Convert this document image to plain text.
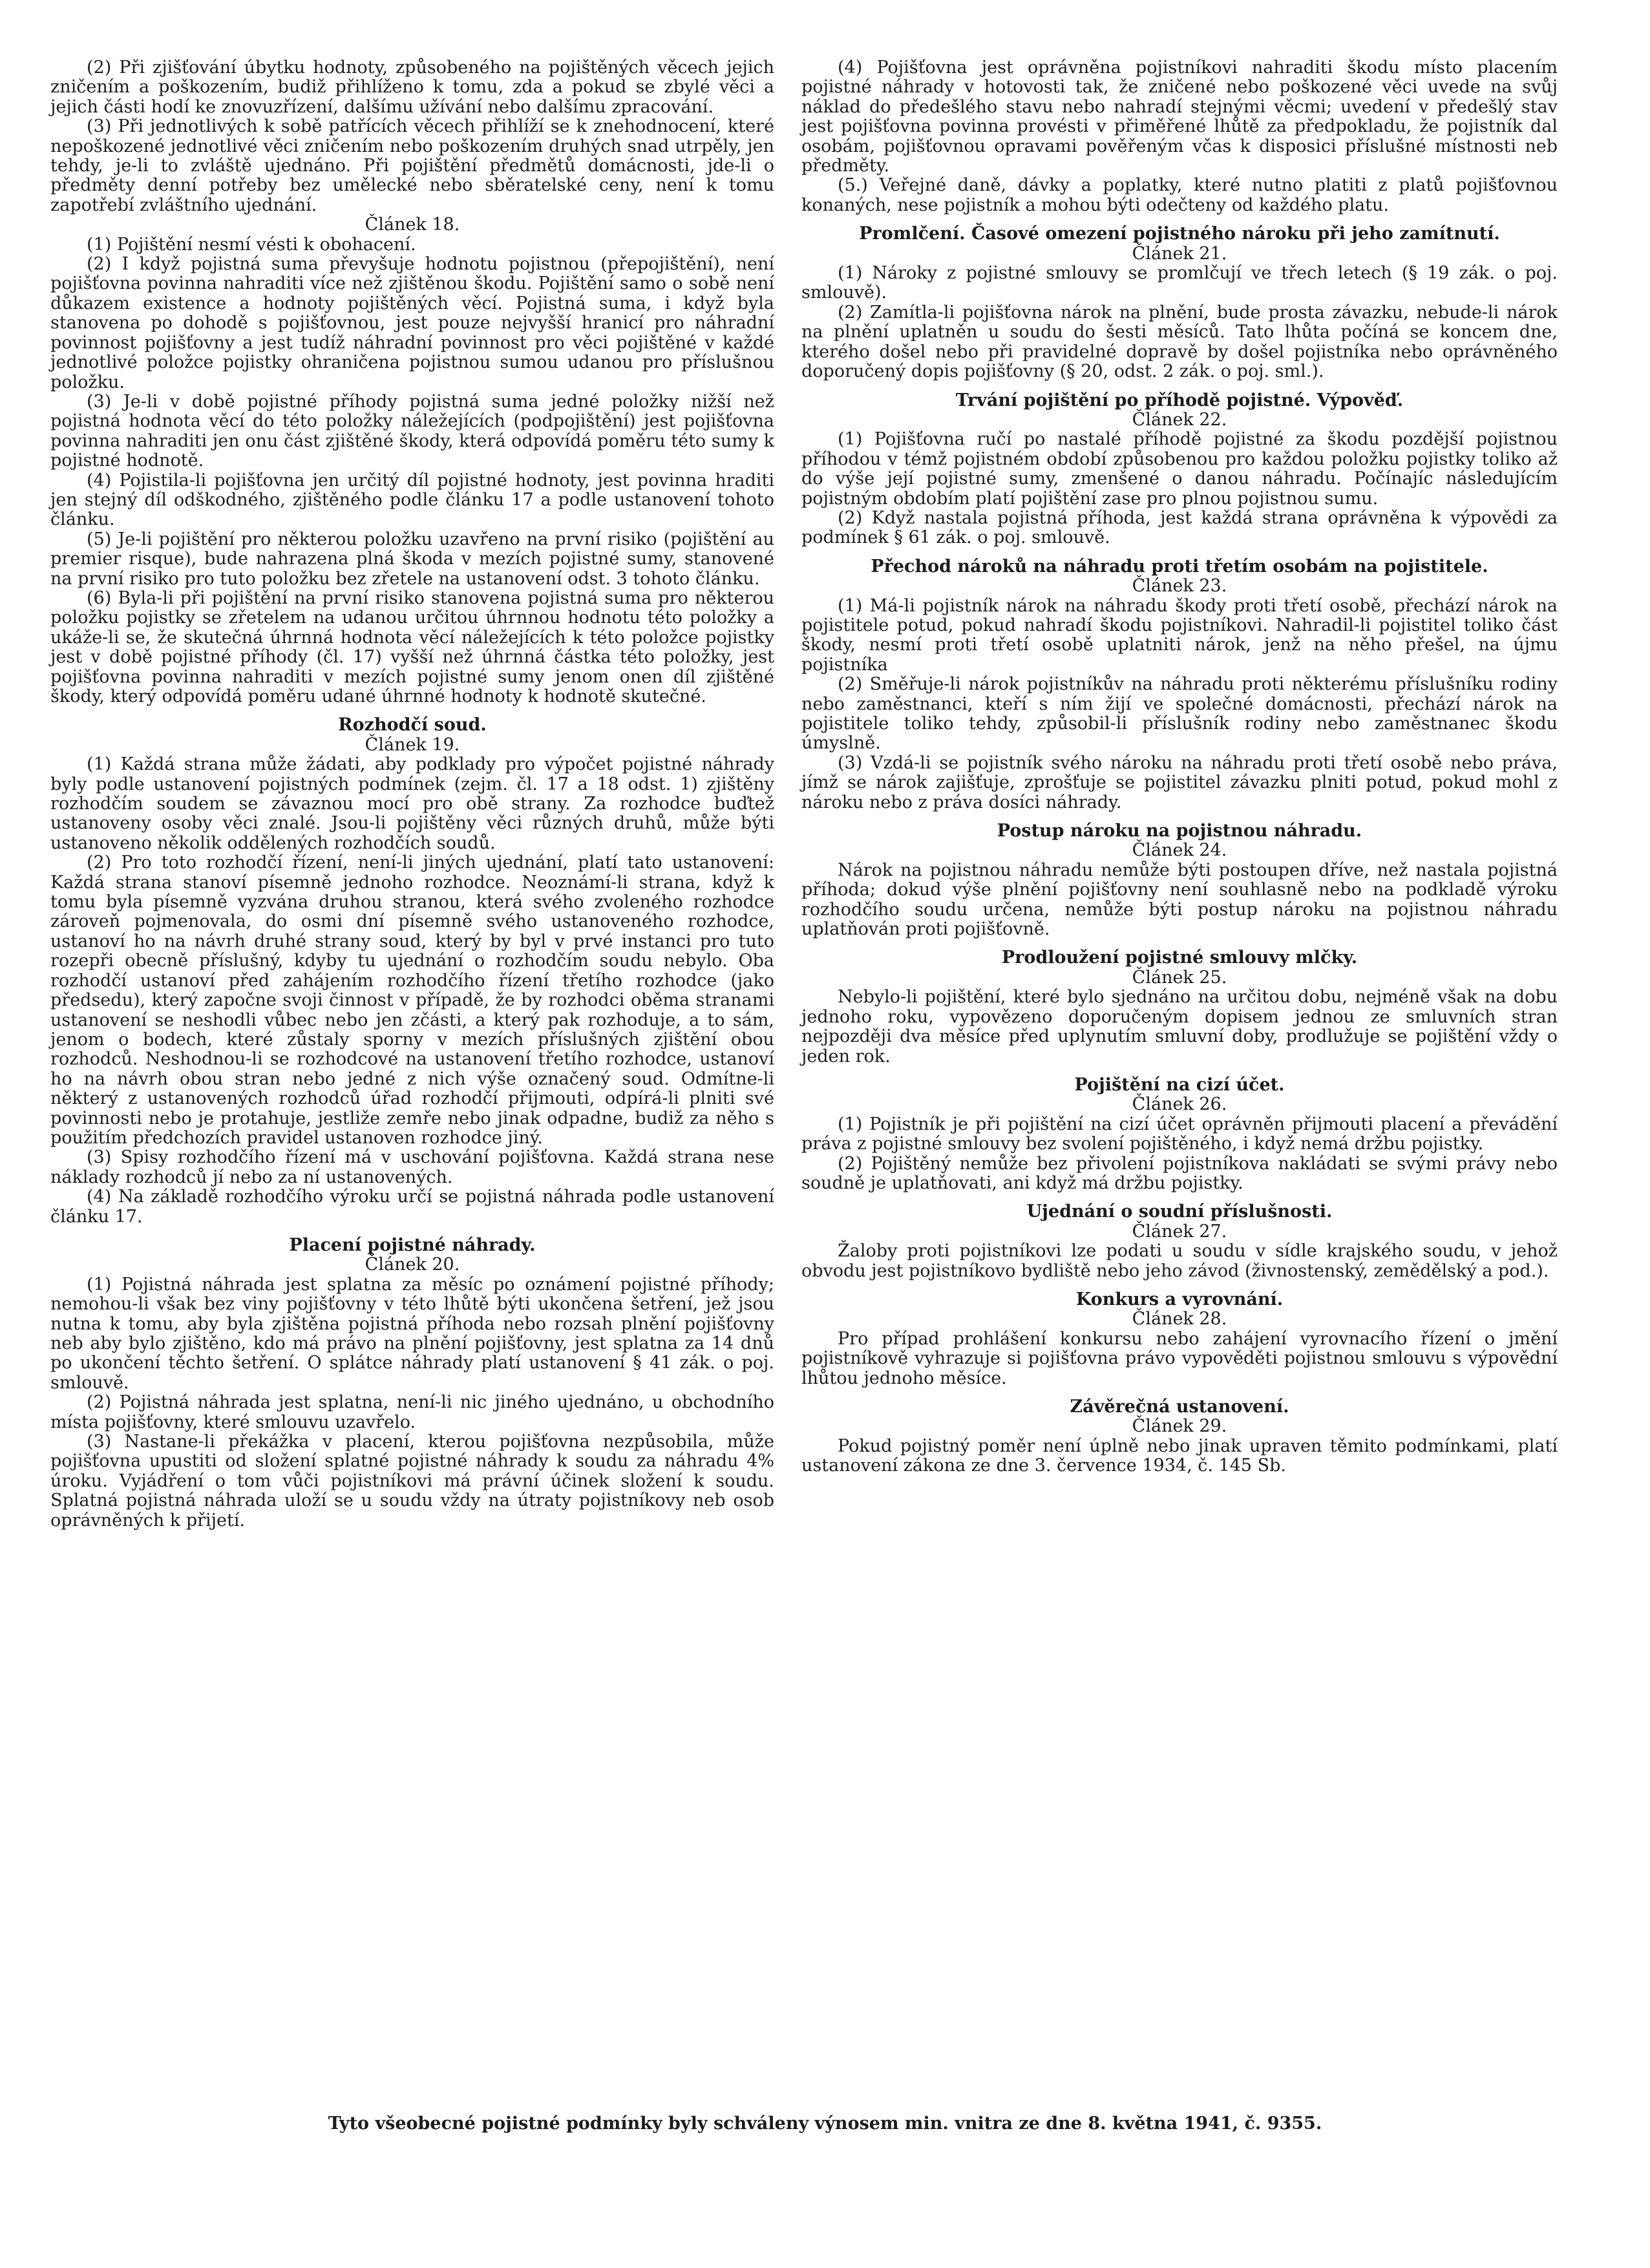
(2) Při zjišťování úbytku hodnoty, způsobeného na pojištěných věcech jejich zničením a poškozením, budiž přihlíženo k tomu, zda a pokud se zbylé věci a jejich části hodí ke znovuzřízení, dalšímu užívání nebo dalšímu zpracování.

(3) Při jednotlivých k sobě patřících věcech přihlíží se k znehodnocení, které nepoškozené jednotlivé věci zničením nebo poškozením druhých snad utrpěly, jen tehdy, je-li to zvláště ujednáno. Při pojištění předmětů domácnosti, jde-li o předměty denní potřeby bez umělecké nebo sběratelské ceny, není k tomu zapotřebí zvláštního ujednání.

Článek 18.

(1) Pojištění nesmí vésti k obohacení.

(2) I když pojistná suma převyšuje hodnotu pojistnou (přepojištění), není pojišťovna povinna nahraditi více než zjištěnou škodu. Pojištění samo o sobě není důkazem existence a hodnoty pojištěných věcí. Pojistná suma, i když byla stanovena po dohodě s pojišťovnou, jest pouze nejvyšší hranicí pro náhradní povinnost pojišťovny a jest tudíž náhradní povinnost pro věci pojištěné v každé jednotlivé položce pojistky ohraničena pojistnou sumou udanou pro příslušnou položku.

(3) Je-li v době pojistné příhody pojistná suma jedné položky nižší než pojistná hodnota věcí do této položky náležejících (podpojištění) jest pojišťovna povinna nahraditi jen onu část zjištěné škody, která odpovídá poměru této sumy k pojistné hodnotě.

(4) Pojistila-li pojišťovna jen určitý díl pojistné hodnoty, jest povinna hraditi jen stejný díl odškodného, zjištěného podle článku 17 a podle ustanovení tohoto článku.

(5) Je-li pojištění pro některou položku uzavřeno na první risiko (pojištění au premier risque), bude nahrazena plná škoda v mezích pojistné sumy, stanovené na první risiko pro tuto položku bez zřetele na ustanovení odst. 3 tohoto článku.

(6) Byla-li při pojištění na první risiko stanovena pojistná suma pro některou položku pojistky se zřetelem na udanou určitou úhrnnou hodnotu této položky a ukáže-li se, že skutečná úhrnná hodnota věcí náležejících k této položce pojistky jest v době pojistné příhody (čl. 17) vyšší než úhrnná částka této položky, jest pojišťovna povinna nahraditi v mezích pojistné sumy jenom onen díl zjištěné škody, který odpovídá poměru udané úhrnné hodnoty k hodnotě skutečné.

Rozhodčí soud.

Článek 19.

(1) Každá strana může žádati, aby podklady pro výpočet pojistné náhrady byly podle ustanovení pojistných podmínek (zejm. čl. 17 a 18 odst. 1) zjištěny rozhodčím soudem se závaznou mocí pro obě strany. Za rozhodce buďtež ustanoveny osoby věci znalé. Jsou-li pojištěny věci různých druhů, může býti ustanoveno několik oddělených rozhodčích soudů.

(2) Pro toto rozhodčí řízení, není-li jiných ujednání, platí tato ustanovení: Každá strana stanoví písemně jednoho rozhodce. Neoznámí-li strana, když k tomu byla písemně vyzvána druhou stranou, která svého zvoleného rozhodce zároveň pojmenovala, do osmi dní písemně svého ustanoveného rozhodce, ustanoví ho na návrh druhé strany soud, který by byl v prvé instanci pro tuto rozepři obecně příslušný, kdyby tu ujednání o rozhodčím soudu nebylo. Oba rozhodčí ustanoví před zahájením rozhodčího řízení třetího rozhodce (jako předsedu), který započne svoji činnost v případě, že by rozhodci oběma stranami ustanovení se neshodli vůbec nebo jen zčásti, a který pak rozhoduje, a to sám, jenom o bodech, které zůstaly sporny v mezích příslušných zjištění obou rozhodců. Neshodnou-li se rozhodcové na ustanovení třetího rozhodce, ustanoví ho na návrh obou stran nebo jedné z nich výše označený soud. Odmítne-li některý z ustanovených rozhodců úřad rozhodčí přijmouti, odpírá-li plniti své povinnosti nebo je protahuje, jestliže zemře nebo jinak odpadne, budiž za něho s použitím předchozích pravidel ustanoven rozhodce jiný.

(3) Spisy rozhodčího řízení má v uschování pojišťovna. Každá strana nese náklady rozhodců jí nebo za ní ustanovených.

(4) Na základě rozhodčího výroku určí se pojistná náhrada podle ustanovení článku 17.

Placení pojistné náhrady.

Článek 20.

(1) Pojistná náhrada jest splatna za měsíc po oznámení pojistné příhody; nemohou-li však bez viny pojišťovny v této lhůtě býti ukončena šetření, jež jsou nutna k tomu, aby byla zjištěna pojistná příhoda nebo rozsah plnění pojišťovny neb aby bylo zjištěno, kdo má právo na plnění pojišťovny, jest splatna za 14 dnů po ukončení těchto šetření. O splátce náhrady platí ustanovení § 41 zák. o poj. smlouvě.

(2) Pojistná náhrada jest splatna, není-li nic jiného ujednáno, u obchodního místa pojišťovny, které smlouvu uzavřelo.

(3) Nastane-li překážka v placení, kterou pojišťovna nezpůsobila, může pojišťovna upustiti od složení splatné pojistné náhrady k soudu za náhradu 4% úroku. Vyjádření o tom vůči pojistníkovi má právní účinek složení k soudu. Splatná pojistná náhrada uloží se u soudu vždy na útraty pojistníkovy neb osob oprávněných k přijetí.

(4) Pojišťovna jest oprávněna pojistníkovi nahraditi škodu místo placením pojistné náhrady v hotovosti tak, že zničené nebo poškozené věci uvede na svůj náklad do předešlého stavu nebo nahradí stejnými věcmi; uvedení v předešlý stav jest pojišťovna povinna provésti v přiměřené lhůtě za předpokladu, že pojistník dal osobám, pojišťovnou opravami pověřeným včas k disposici příslušné místnosti neb předměty.

(5.) Veřejné daně, dávky a poplatky, které nutno platiti z platů pojišťovnou konaných, nese pojistník a mohou býti odečteny od každého platu.

Promlčení. Časové omezení pojistného nároku při jeho zamítnutí.

Článek 21.

(1) Nároky z pojistné smlouvy se promlčují ve třech letech (§ 19 zák. o poj. smlouvě).

(2) Zamítla-li pojišťovna nárok na plnění, bude prosta závazku, nebude-li nárok na plnění uplatněn u soudu do šesti měsíců. Tato lhůta počíná se koncem dne, kterého došel nebo při pravidelné dopravě by došel pojistníka nebo oprávněného doporučený dopis pojišťovny (§ 20, odst. 2 zák. o poj. sml.).

Trvání pojištění po příhodě pojistné. Výpověď.

Článek 22.

(1) Pojišťovna ručí po nastalé příhodě pojistné za škodu pozdější pojistnou příhodou v témž pojistném období způsobenou pro každou položku pojistky toliko až do výše její pojistné sumy, zmenšené o danou náhradu. Počínajíc následujícím pojistným obdobím platí pojištění zase pro plnou pojistnou sumu.

(2) Když nastala pojistná příhoda, jest každá strana oprávněna k výpovědi za podmínek § 61 zák. o poj. smlouvě.

Přechod nároků na náhradu proti třetím osobám na pojistitele.

Článek 23.

(1) Má-li pojistník nárok na náhradu škody proti třetí osobě, přechází nárok na pojistitele potud, pokud nahradí škodu pojistníkovi. Nahradil-li pojistitel toliko část škody, nesmí proti třetí osobě uplatniti nárok, jenž na něho přešel, na újmu pojistníka

(2) Směřuje-li nárok pojistníkův na náhradu proti některému příslušníku rodiny nebo zaměstnanci, kteří s ním žijí ve společné domácnosti, přechází nárok na pojistitele toliko tehdy, způsobil-li příslušník rodiny nebo zaměstnanec škodu úmyslně.

(3) Vzdá-li se pojistník svého nároku na náhradu proti třetí osobě nebo práva, jímž se nárok zajišťuje, zprošťuje se pojistitel závazku plniti potud, pokud mohl z nároku nebo z práva dosíci náhrady.

Postup nároku na pojistnou náhradu.

Článek 24.

Nárok na pojistnou náhradu nemůže býti postoupen dříve, než nastala pojistná příhoda; dokud výše plnění pojišťovny není souhlasně nebo na podkladě výroku rozhodčího soudu určena, nemůže býti postup nároku na pojistnou náhradu uplatňován proti pojišťovně.

Prodloužení pojistné smlouvy mlčky.

Článek 25.

Nebylo-li pojištění, které bylo sjednáno na určitou dobu, nejméně však na dobu jednoho roku, vypovězeno doporučeným dopisem jednou ze smluvních stran nejpozději dva měsíce před uplynutím smluvní doby, prodlužuje se pojištění vždy o jeden rok.

Pojištění na cizí účet.

Článek 26.

(1) Pojistník je při pojištění na cizí účet oprávněn přijmouti placení a převádění práva z pojistné smlouvy bez svolení pojištěného, i když nemá držbu pojistky.

(2) Pojištěný nemůže bez přivolení pojistníkova nakládati se svými právy nebo soudně je uplatňovati, ani když má držbu pojistky.

Ujednání o soudní příslušnosti.

Článek 27.

Žaloby proti pojistníkovi lze podati u soudu v sídle krajského soudu, v jehož obvodu jest pojistníkovo bydliště nebo jeho závod (živnostenský, zemědělský a pod.).

Konkurs a vyrovnání.

Článek 28.

Pro případ prohlášení konkursu nebo zahájení vyrovnacího řízení o jmění pojistníkově vyhrazuje si pojišťovna právo vypověděti pojistnou smlouvu s výpovědní lhůtou jednoho měsíce.

Závěrečná ustanovení.

Článek 29.

Pokud pojistný poměr není úplně nebo jinak upraven těmito podmínkami, platí ustanovení zákona ze dne 3. července 1934, č. 145 Sb.

Tyto všeobecné pojistné podmínky byly schváleny výnosem min. vnitra ze dne 8. května 1941, č. 9355.
